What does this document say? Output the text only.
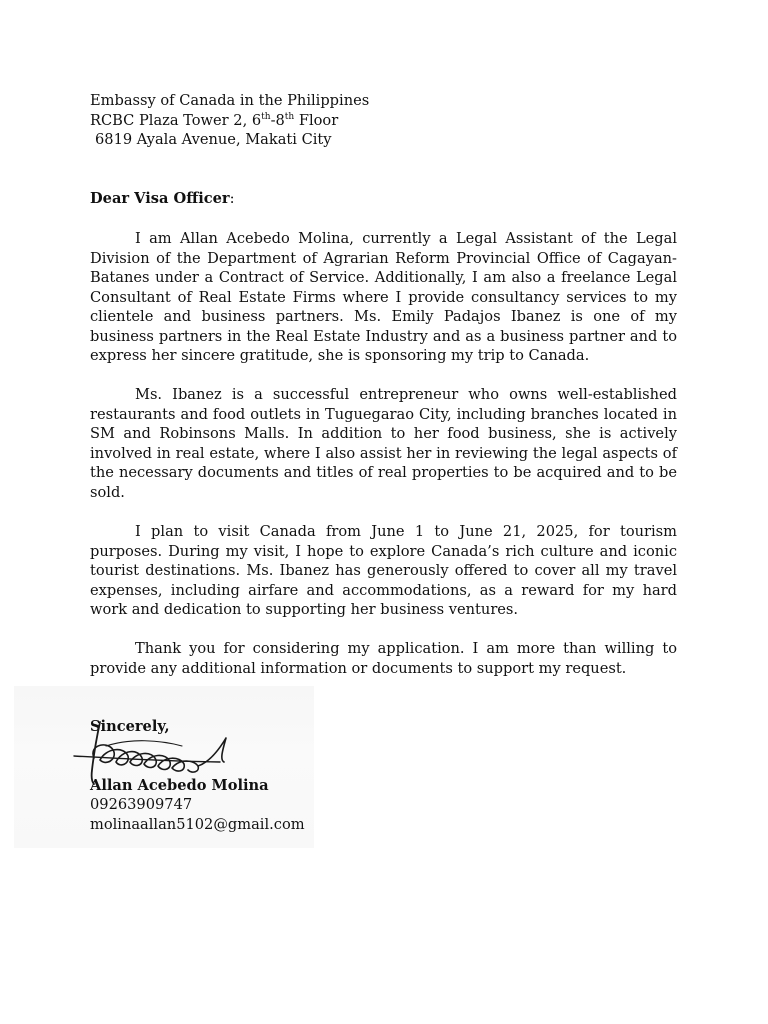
Embassy of Canada in the Philippines
RCBC Plaza Tower 2, 6th-8th Floor
6819 Ayala Avenue, Makati City
Dear Visa Officer:

I am Allan Acebedo Molina, currently a Legal Assistant of the Legal Division of the Department of Agrarian Reform Provincial Office of Cagayan-Batanes under a Contract of Service. Additionally, I am also a freelance Legal Consultant of Real Estate Firms where I provide consultancy services to my clientele and business partners. Ms. Emily Padajos Ibanez is one of my business partners in the Real Estate Industry and as a business partner and to express her sincere gratitude, she is sponsoring my trip to Canada.

Ms. Ibanez is a successful entrepreneur who owns well-established restaurants and food outlets in Tuguegarao City, including branches located in SM and Robinsons Malls. In addition to her food business, she is actively involved in real estate, where I also assist her in reviewing the legal aspects of the necessary documents and titles of real properties to be acquired and to be sold.

I plan to visit Canada from June 1 to June 21, 2025, for tourism purposes. During my visit, I hope to explore Canada’s rich culture and iconic tourist destinations. Ms. Ibanez has generously offered to cover all my travel expenses, including airfare and accommodations, as a reward for my hard work and dedication to supporting her business ventures.

Thank you for considering my application. I am more than willing to provide any additional information or documents to support my request.

Sincerely,
Allan Acebedo Molina
09263909747
molinaallan5102@gmail.com
